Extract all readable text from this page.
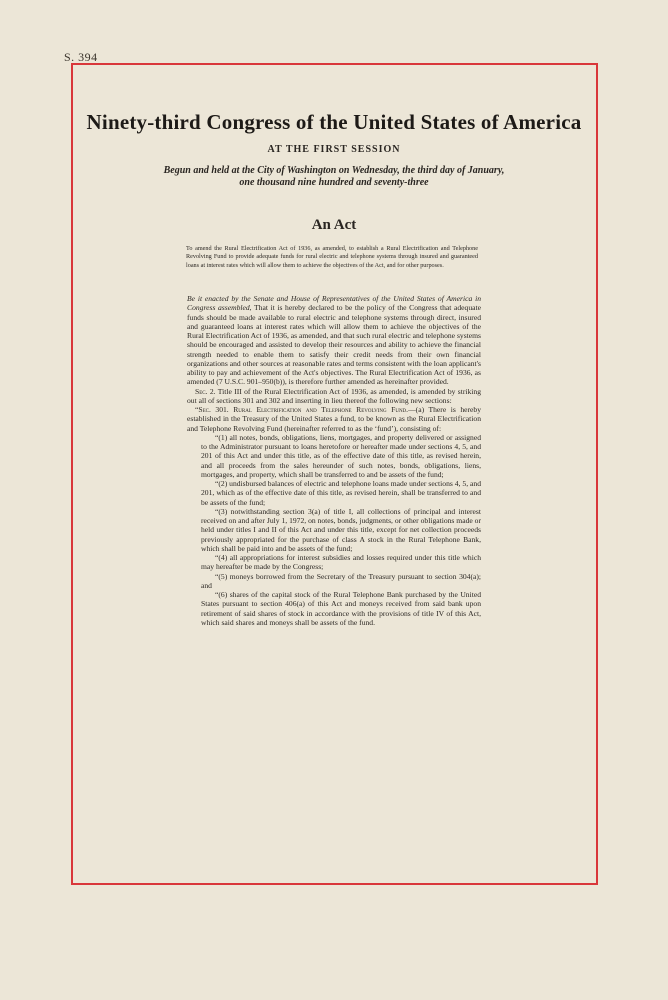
S. 394
Ninety-third Congress of the United States of America
AT THE FIRST SESSION
Begun and held at the City of Washington on Wednesday, the third day of January,
one thousand nine hundred and seventy-three
An Act
To amend the Rural Electrification Act of 1936, as amended, to establish a Rural Electrification and Telephone Revolving Fund to provide adequate funds for rural electric and telephone systems through insured and guaranteed loans at interest rates which will allow them to achieve the objectives of the Act, and for other purposes.

Be it enacted by the Senate and House of Representatives of the United States of America in Congress assembled, That it is hereby declared to be the policy of the Congress that adequate funds should be made available to rural electric and telephone systems through direct, insured and guaranteed loans at interest rates which will allow them to achieve the objectives of the Rural Electrification Act of 1936, as amended, and that such rural electric and telephone systems should be encouraged and assisted to develop their resources and ability to achieve the financial strength needed to enable them to satisfy their credit needs from their own financial organizations and other sources at reasonable rates and terms consistent with the loan applicant's ability to pay and achievement of the Act's objectives. The Rural Electrification Act of 1936, as amended (7 U.S.C. 901–950(b)), is therefore further amended as hereinafter provided.

Sec. 2. Title III of the Rural Electrification Act of 1936, as amended, is amended by striking out all of sections 301 and 302 and inserting in lieu thereof the following new sections:

“Sec. 301. Rural Electrification and Telephone Revolving Fund.—(a) There is hereby established in the Treasury of the United States a fund, to be known as the Rural Electrification and Telephone Revolving Fund (hereinafter referred to as the ‘fund’), consisting of:

“(1) all notes, bonds, obligations, liens, mortgages, and property delivered or assigned to the Administrator pursuant to loans heretofore or hereafter made under sections 4, 5, and 201 of this Act and under this title, as of the effective date of this title, as revised herein, and all proceeds from the sales hereunder of such notes, bonds, obligations, liens, mortgages, and property, which shall be transferred to and be assets of the fund;

“(2) undisbursed balances of electric and telephone loans made under sections 4, 5, and 201, which as of the effective date of this title, as revised herein, shall be transferred to and be assets of the fund;

“(3) notwithstanding section 3(a) of title I, all collections of principal and interest received on and after July 1, 1972, on notes, bonds, judgments, or other obligations made or held under titles I and II of this Act and under this title, except for net collection proceeds previously appropriated for the purchase of class A stock in the Rural Telephone Bank, which shall be paid into and be assets of the fund;

“(4) all appropriations for interest subsidies and losses required under this title which may hereafter be made by the Congress;

“(5) moneys borrowed from the Secretary of the Treasury pursuant to section 304(a); and

“(6) shares of the capital stock of the Rural Telephone Bank purchased by the United States pursuant to section 406(a) of this Act and moneys received from said bank upon retirement of said shares of stock in accordance with the provisions of title IV of this Act, which said shares and moneys shall be assets of the fund.
